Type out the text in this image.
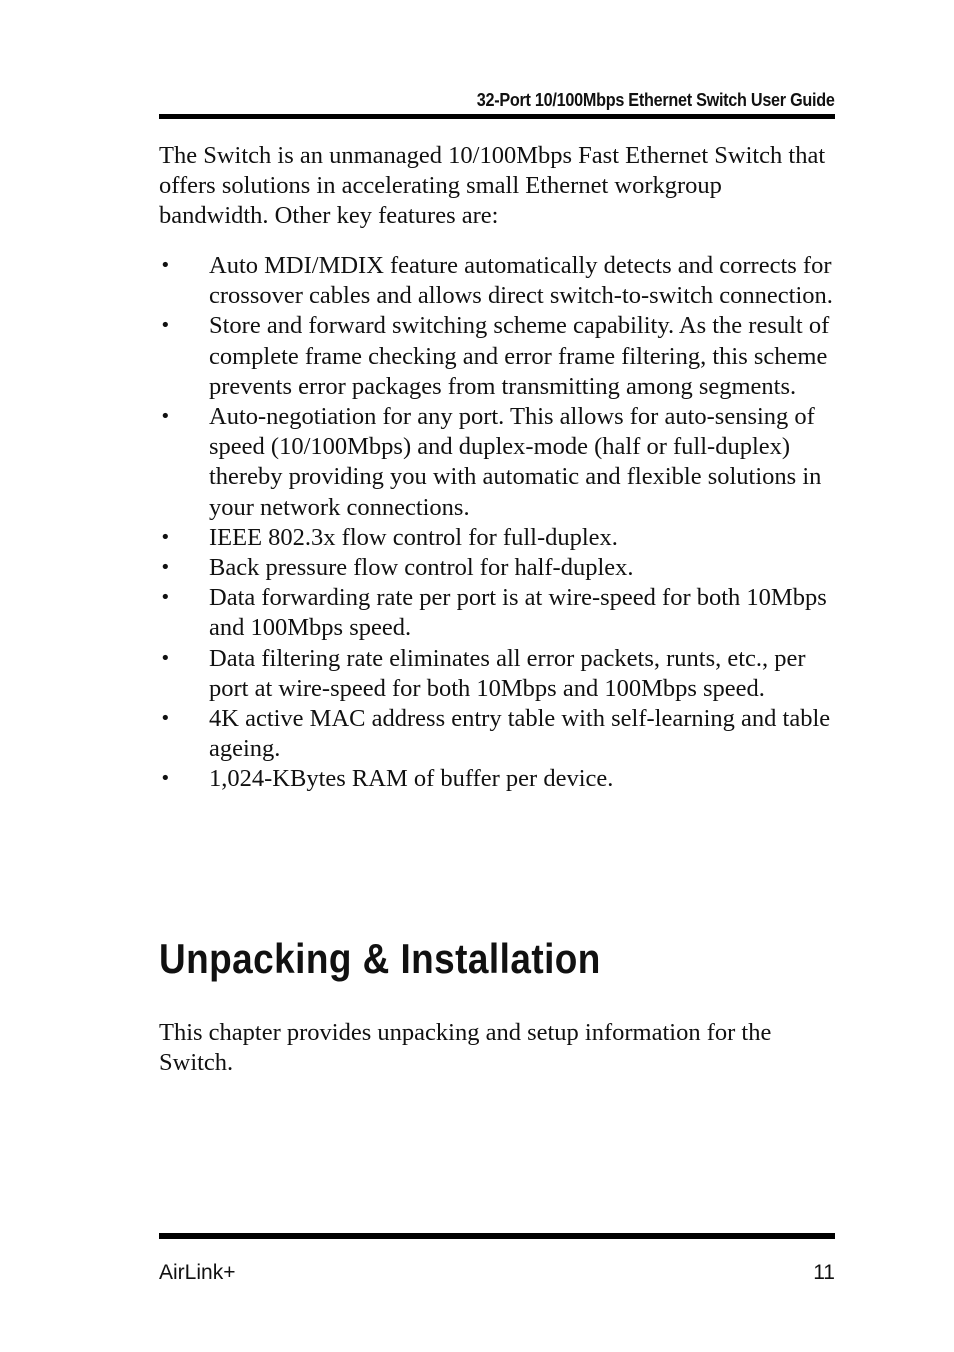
32-Port 10/100Mbps Ethernet Switch User Guide

The Switch is an unmanaged 10/100Mbps Fast Ethernet Switch that offers solutions in accelerating small Ethernet workgroup bandwidth. Other key features are:

• Auto MDI/MDIX feature automatically detects and corrects for crossover cables and allows direct switch-to-switch connection.
• Store and forward switching scheme capability. As the result of complete frame checking and error frame filtering, this scheme prevents error packages from transmitting among segments.
• Auto-negotiation for any port. This allows for auto-sensing of speed (10/100Mbps) and duplex-mode (half or full-duplex) thereby providing you with automatic and flexible solutions in your network connections.
• IEEE 802.3x flow control for full-duplex.
• Back pressure flow control for half-duplex.
• Data forwarding rate per port is at wire-speed for both 10Mbps and 100Mbps speed.
• Data filtering rate eliminates all error packets, runts, etc., per port at wire-speed for both 10Mbps and 100Mbps speed.
• 4K active MAC address entry table with self-learning and table ageing.
• 1,024-KBytes RAM of buffer per device.
Unpacking & Installation

This chapter provides unpacking and setup information for the Switch.

AirLink+	11
